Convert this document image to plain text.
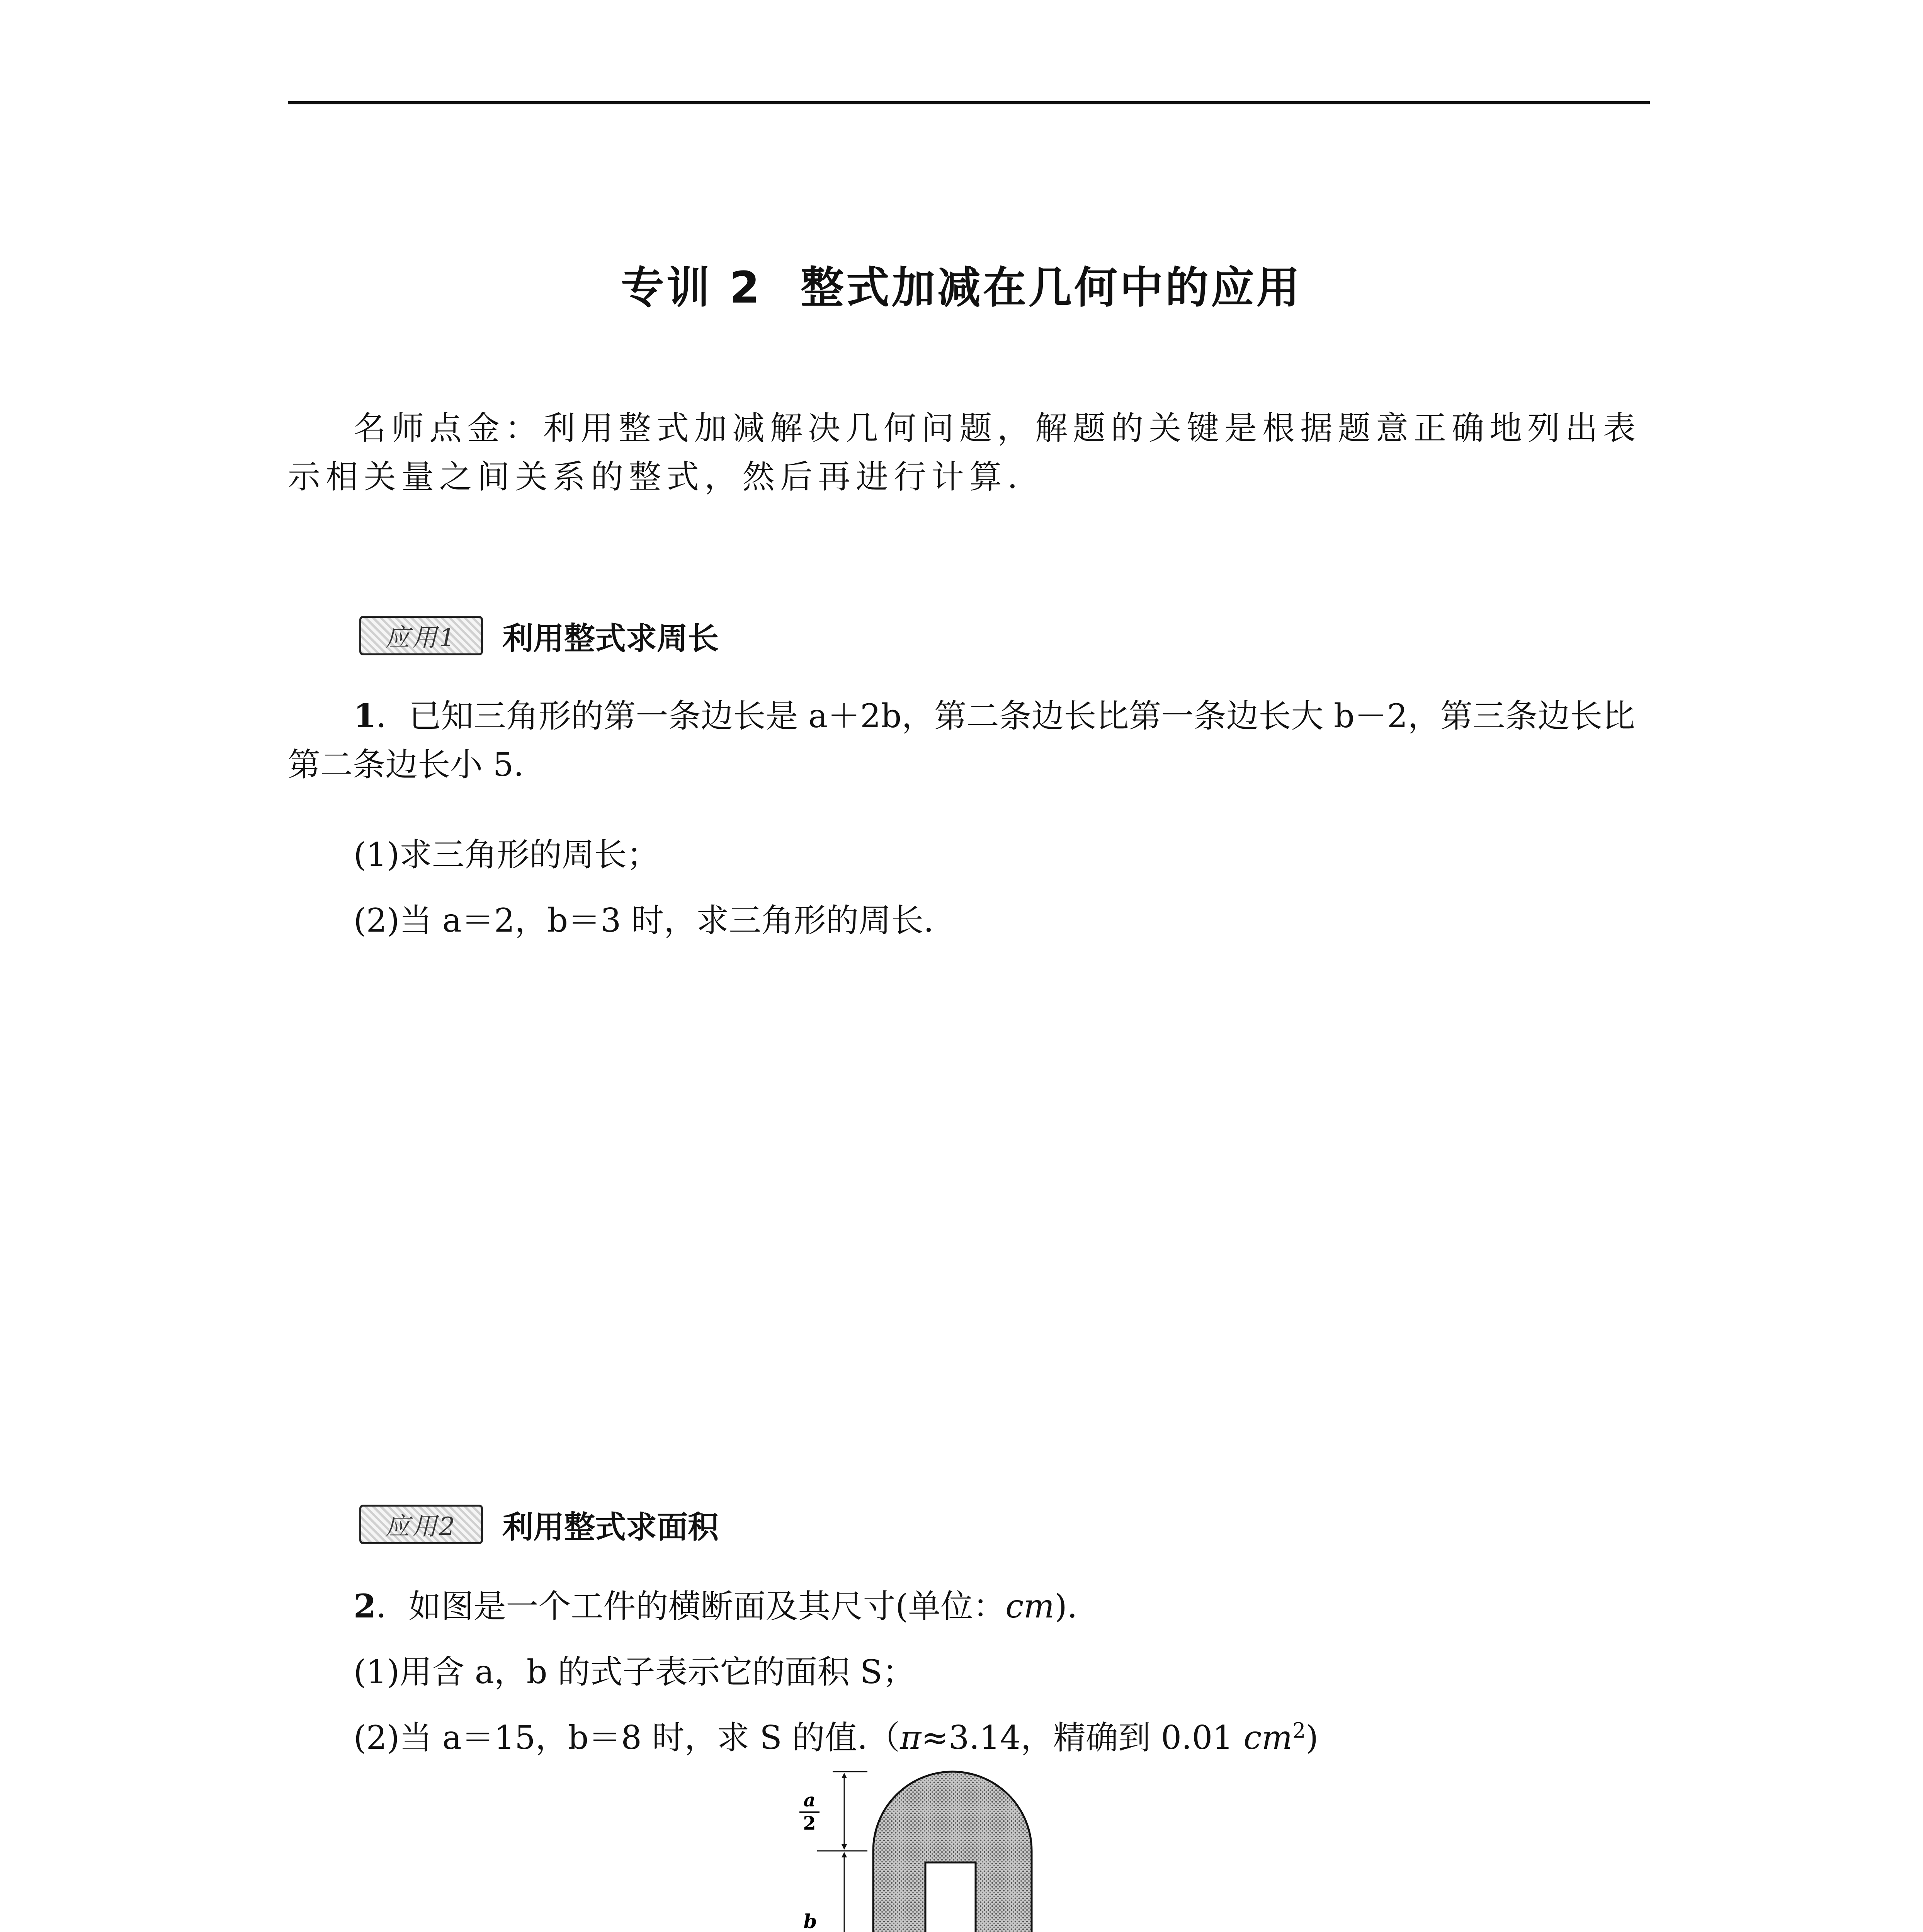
专训 2 整式加减在几何中的应用
名师点金：利用整式加减解决几何问题，解题的关键是根据题意正确地列出表示相关量之间关系的整式，然后再进行计算.
应用1	利用整式求周长
1．已知三角形的第一条边长是 a＋2b，第二条边长比第一条边长大 b－2，第三条边长比第二条边长小 5.
(1)求三角形的周长；
(2)当 a＝2，b＝3 时，求三角形的周长.
应用2	利用整式求面积
2．如图是一个工件的横断面及其尺寸(单位：cm).
(1)用含 a，b 的式子表示它的面积 S；
(2)当 a＝15，b＝8 时，求 S 的值.（π≈3.14，精确到 0.01 $cm^2$)
a
2
b
